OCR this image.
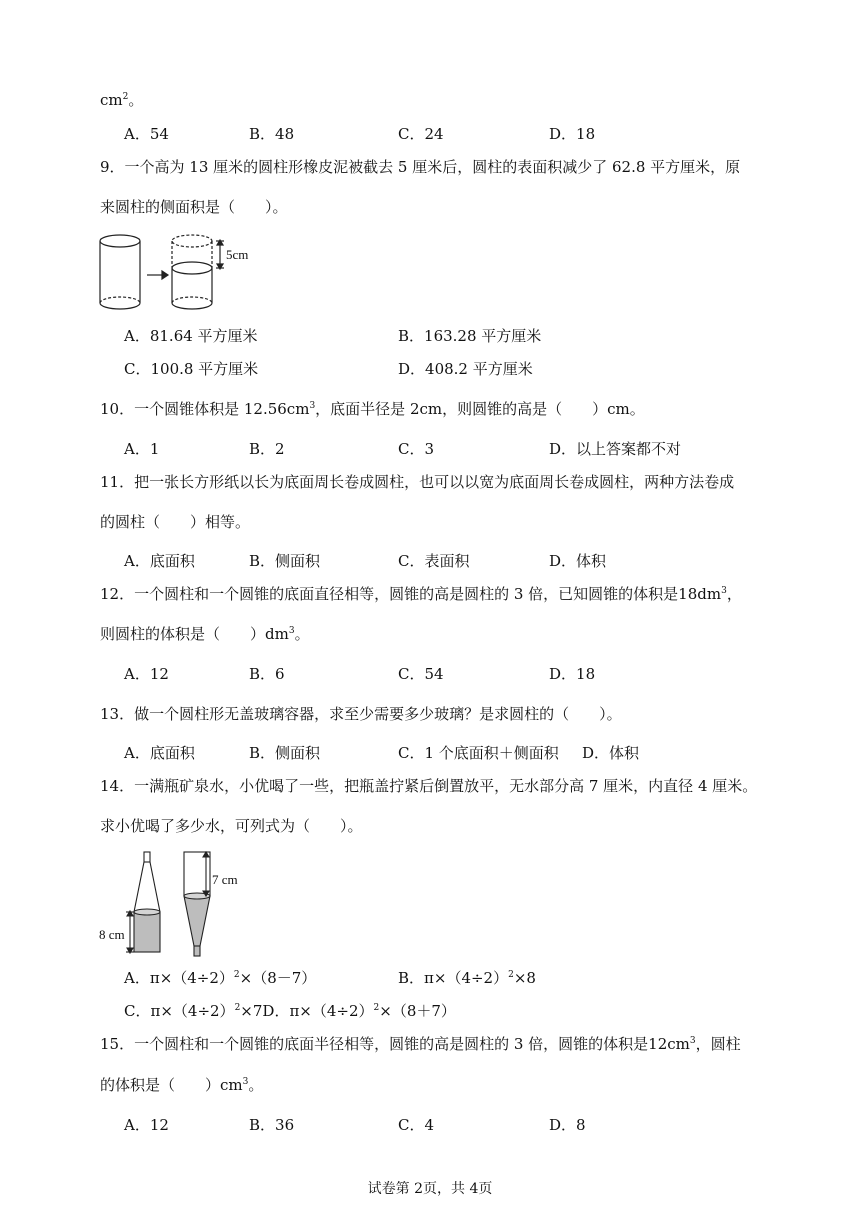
$cm^2$。
A．54	B．48	C．24	D．18
9．一个高为 13 厘米的圆柱形橡皮泥被截去 5 厘米后，圆柱的表面积减少了 62.8 平方厘米，原
来圆柱的侧面积是（　　）。
5cm
A．81.64 平方厘米	B．163.28 平方厘米
C．100.8 平方厘米	D．408.2 平方厘米
10．一个圆锥体积是 $12.56cm^3$，底面半径是 2cm，则圆锥的高是（　　）cm。
A．1	B．2	C．3	D．以上答案都不对
11．把一张长方形纸以长为底面周长卷成圆柱，也可以以宽为底面周长卷成圆柱，两种方法卷成
的圆柱（　　）相等。
A．底面积	B．侧面积	C．表面积	D．体积
12．一个圆柱和一个圆锥的底面直径相等，圆锥的高是圆柱的 3 倍，已知圆锥的体积是$18dm^3$，
则圆柱的体积是（　　）$dm^3$。
A．12	B．6	C．54	D．18
13．做一个圆柱形无盖玻璃容器，求至少需要多少玻璃？是求圆柱的（　　）。
A．底面积	B．侧面积	C．1 个底面积＋侧面积 D．体积
14．一满瓶矿泉水，小优喝了一些，把瓶盖拧紧后倒置放平，无水部分高 7 厘米，内直径 4 厘米。
求小优喝了多少水，可列式为（　　）。
7 cm
8 cm
A．$\pi\times(4\div 2)^2\times(8-7)$	B．$\pi\times(4\div 2)^2\times 8$
C．$\pi\times(4\div 2)^2\times 7D$．$\pi\times(4\div 2)^2\times(8+7)$
15．一个圆柱和一个圆锥的底面半径相等，圆锥的高是圆柱的 3 倍，圆锥的体积是$12cm^3$，圆柱
的体积是（　　）$cm^3$。
A．12	B．36	C．4	D．8
试卷第 2页，共 4页
